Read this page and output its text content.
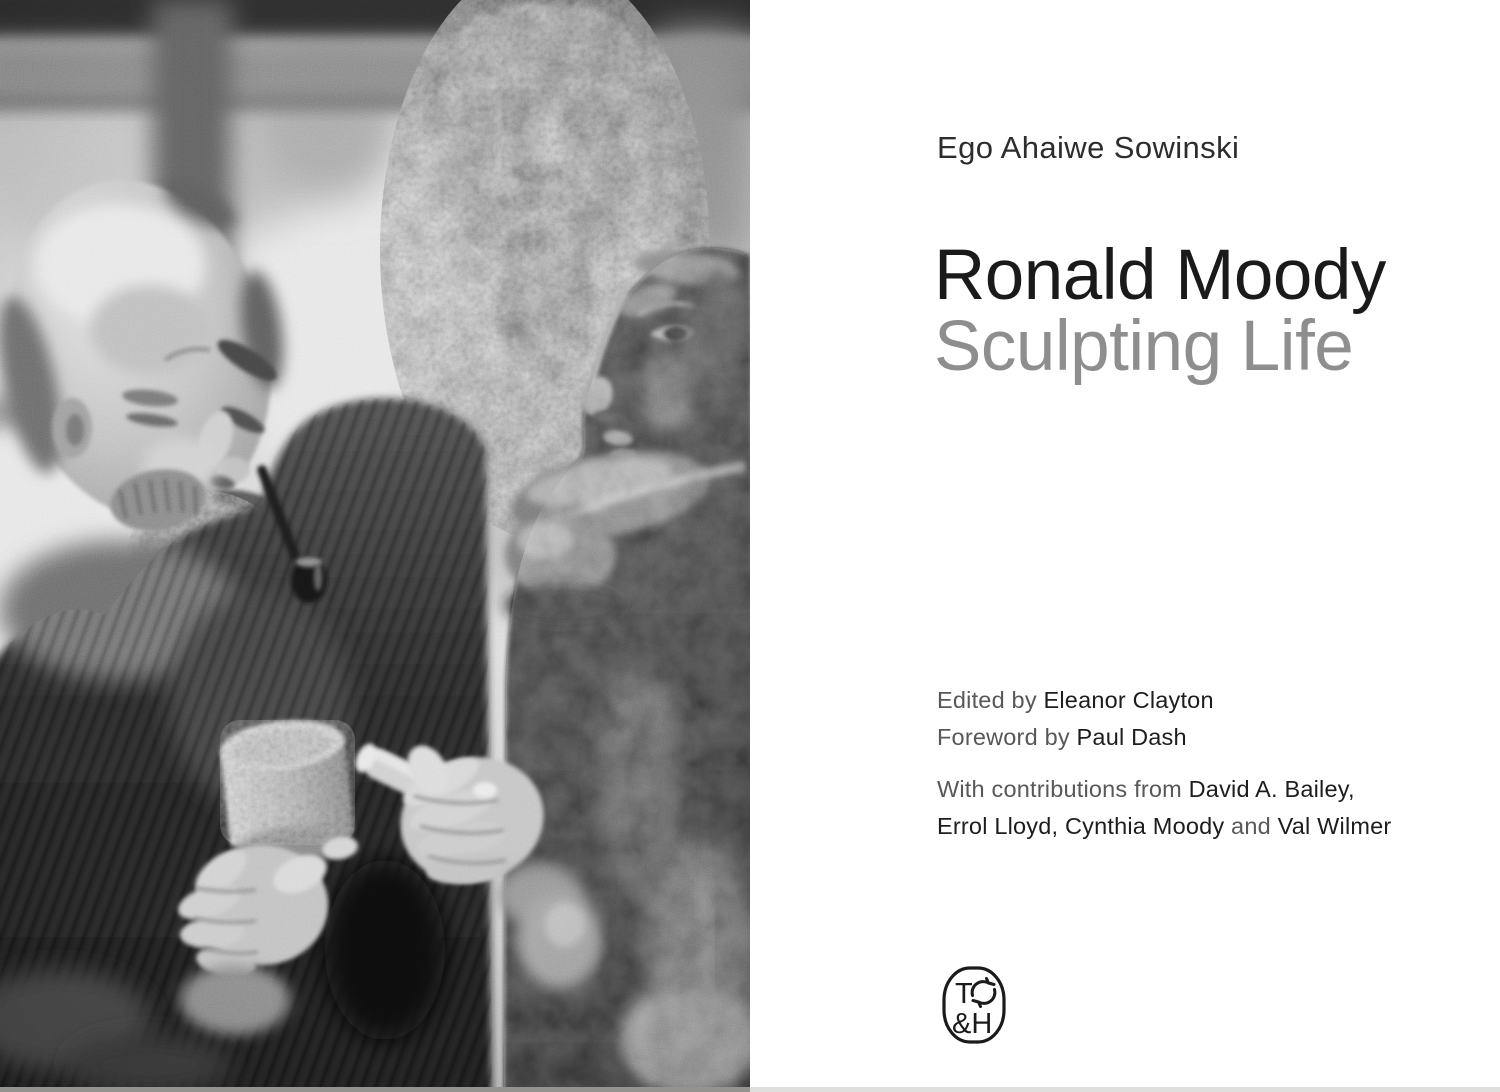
Ego Ahaiwe Sowinski
Ronald Moody
Sculpting Life

Edited by Eleanor Clayton
Foreword by Paul Dash

With contributions from David A. Bailey,
Errol Lloyd, Cynthia Moody and Val Wilmer

T
&H
